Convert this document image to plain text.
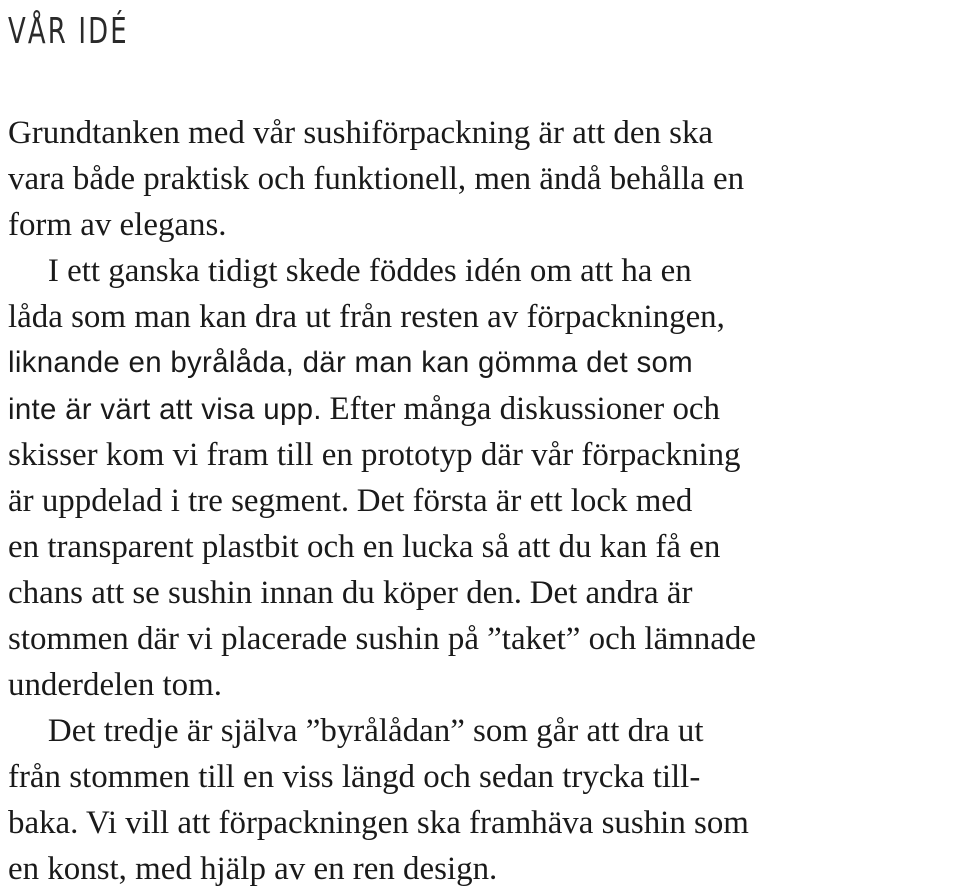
VÅR IDÉ
Grundtanken med vår sushiförpackning är att den ska
vara både praktisk och funktionell, men ändå behålla en
form av elegans.
I ett ganska tidigt skede föddes idén om att ha en
låda som man kan dra ut från resten av förpackningen,
liknande en byrålåda, där man kan gömma det som
inte är värt att visa upp. Efter många diskussioner och
skisser kom vi fram till en prototyp där vår förpackning
är uppdelad i tre segment. Det första är ett lock med
en transparent plastbit och en lucka så att du kan få en
chans att se sushin innan du köper den. Det andra är
stommen där vi placerade sushin på ”taket” och lämnade
underdelen tom.
Det tredje är själva ”byrålådan” som går att dra ut
från stommen till en viss längd och sedan trycka till-
baka. Vi vill att förpackningen ska framhäva sushin som
en konst, med hjälp av en ren design.
